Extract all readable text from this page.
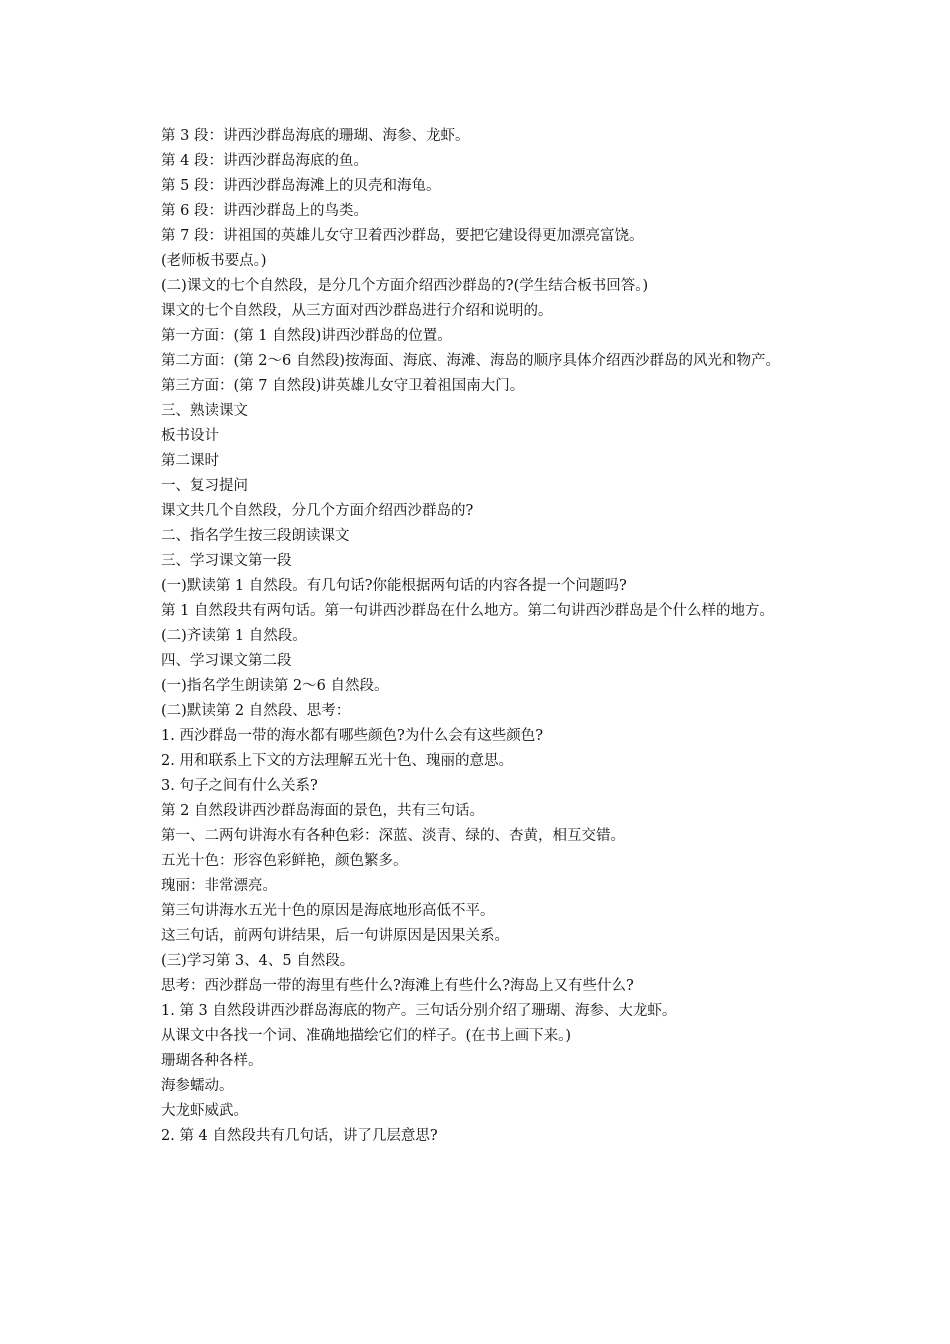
第 3 段：讲西沙群岛海底的珊瑚、海参、龙虾。
第 4 段：讲西沙群岛海底的鱼。
第 5 段：讲西沙群岛海滩上的贝壳和海龟。
第 6 段：讲西沙群岛上的鸟类。
第 7 段：讲祖国的英雄儿女守卫着西沙群岛，要把它建设得更加漂亮富饶。
(老师板书要点。)
(二)课文的七个自然段，是分几个方面介绍西沙群岛的?(学生结合板书回答。)
课文的七个自然段，从三方面对西沙群岛进行介绍和说明的。
第一方面：(第 1 自然段)讲西沙群岛的位置。
第二方面：(第 2～6 自然段)按海面、海底、海滩、海岛的顺序具体介绍西沙群岛的风光和物产。
第三方面：(第 7 自然段)讲英雄儿女守卫着祖国南大门。
三、熟读课文
板书设计
第二课时
一、复习提问
课文共几个自然段，分几个方面介绍西沙群岛的?
二、指名学生按三段朗读课文
三、学习课文第一段
(一)默读第 1 自然段。有几句话?你能根据两句话的内容各提一个问题吗?
第 1 自然段共有两句话。第一句讲西沙群岛在什么地方。第二句讲西沙群岛是个什么样的地方。
(二)齐读第 1 自然段。
四、学习课文第二段
(一)指名学生朗读第 2～6 自然段。
(二)默读第 2 自然段、思考：
1. 西沙群岛一带的海水都有哪些颜色?为什么会有这些颜色?
2. 用和联系上下文的方法理解五光十色、瑰丽的意思。
3. 句子之间有什么关系?
第 2 自然段讲西沙群岛海面的景色，共有三句话。
第一、二两句讲海水有各种色彩：深蓝、淡青、绿的、杏黄，相互交错。
五光十色：形容色彩鲜艳，颜色繁多。
瑰丽：非常漂亮。
第三句讲海水五光十色的原因是海底地形高低不平。
这三句话，前两句讲结果，后一句讲原因是因果关系。
(三)学习第 3、4、5 自然段。
思考：西沙群岛一带的海里有些什么?海滩上有些什么?海岛上又有些什么?
1. 第 3 自然段讲西沙群岛海底的物产。三句话分别介绍了珊瑚、海参、大龙虾。
从课文中各找一个词、准确地描绘它们的样子。(在书上画下来。)
珊瑚各种各样。
海参蠕动。
大龙虾威武。
2. 第 4 自然段共有几句话，讲了几层意思?
